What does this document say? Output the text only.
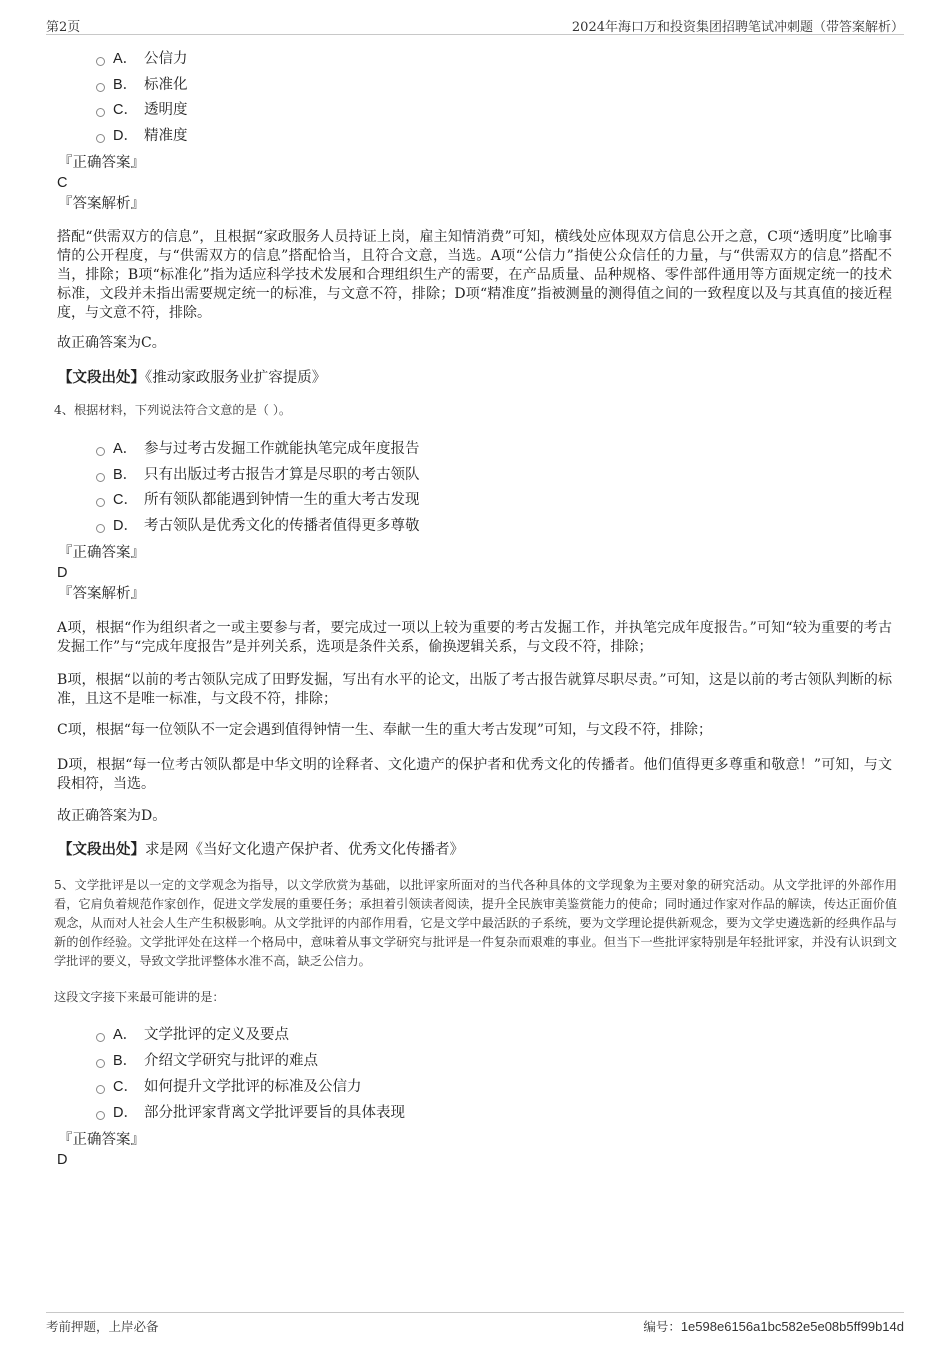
第2页	2024年海口万和投资集团招聘笔试冲刺题（带答案解析）
A． 公信力
B． 标准化
C． 透明度
D． 精准度
『正确答案』
C
『答案解析』
搭配“供需双方的信息”，且根据“家政服务人员持证上岗，雇主知情消费”可知，横线处应体现双方信息公开之意，C项“透明度”比喻事情的公开程度，与“供需双方的信息”搭配恰当，且符合文意，当选。A项“公信力”指使公众信任的力量，与“供需双方的信息”搭配不当，排除；B项“标准化”指为适应科学技术发展和合理组织生产的需要，在产品质量、品种规格、零件部件通用等方面规定统一的技术标准，文段并未指出需要规定统一的标准，与文意不符，排除；D项“精准度”指被测量的测得值之间的一致程度以及与其真值的接近程度，与文意不符，排除。
故正确答案为C。
【文段出处】《推动家政服务业扩容提质》
4、根据材料，下列说法符合文意的是（ ）。
A． 参与过考古发掘工作就能执笔完成年度报告
B． 只有出版过考古报告才算是尽职的考古领队
C． 所有领队都能遇到钟情一生的重大考古发现
D． 考古领队是优秀文化的传播者值得更多尊敬
『正确答案』
D
『答案解析』
A项，根据“作为组织者之一或主要参与者，要完成过一项以上较为重要的考古发掘工作，并执笔完成年度报告。”可知“较为重要的考古发掘工作”与“完成年度报告”是并列关系，选项是条件关系，偷换逻辑关系，与文段不符，排除；
B项，根据“以前的考古领队完成了田野发掘，写出有水平的论文，出版了考古报告就算尽职尽责。”可知，这是以前的考古领队判断的标准，且这不是唯一标准，与文段不符，排除；
C项，根据“每一位领队不一定会遇到值得钟情一生、奉献一生的重大考古发现”可知，与文段不符，排除；
D项，根据“每一位考古领队都是中华文明的诠释者、文化遗产的保护者和优秀文化的传播者。他们值得更多尊重和敬意！”可知，与文段相符，当选。
故正确答案为D。
【文段出处】求是网《当好文化遗产保护者、优秀文化传播者》
5、文学批评是以一定的文学观念为指导，以文学欣赏为基础，以批评家所面对的当代各种具体的文学现象为主要对象的研究活动。从文学批评的外部作用看，它肩负着规范作家创作，促进文学发展的重要任务；承担着引领读者阅读，提升全民族审美鉴赏能力的使命；同时通过作家对作品的解读，传达正面价值观念，从而对人社会人生产生积极影响。从文学批评的内部作用看，它是文学中最活跃的子系统，要为文学理论提供新观念，要为文学史遴选新的经典作品与新的创作经验。文学批评处在这样一个格局中，意味着从事文学研究与批评是一件复杂而艰难的事业。但当下一些批评家特别是年轻批评家，并没有认识到文学批评的要义，导致文学批评整体水准不高，缺乏公信力。
这段文字接下来最可能讲的是：
A． 文学批评的定义及要点
B． 介绍文学研究与批评的难点
C． 如何提升文学批评的标准及公信力
D． 部分批评家背离文学批评要旨的具体表现
『正确答案』
D
考前押题，上岸必备	编号：1e598e6156a1bc582e5e08b5ff99b14d
